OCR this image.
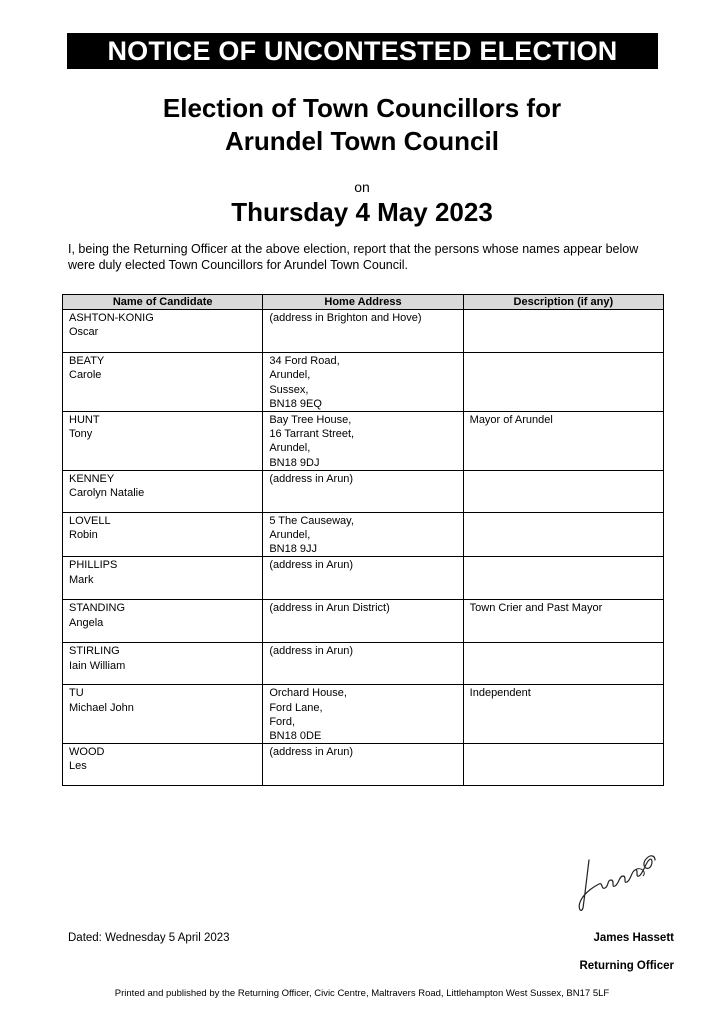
NOTICE OF UNCONTESTED ELECTION
Election of Town Councillors for
Arundel Town Council
on
Thursday 4 May 2023
I, being the Returning Officer at the above election, report that the persons whose names appear below were duly elected Town Councillors for Arundel Town Council.
Name of Candidate	Home Address	Description (if any)

ASHTON-KONIG
Oscar	(address in Brighton and Hove)	

BEATY
Carole	34 Ford Road,
Arundel,
Sussex,
BN18 9EQ	

HUNT
Tony	Bay Tree House,
16 Tarrant Street,
Arundel,
BN18 9DJ	Mayor of Arundel

KENNEY
Carolyn Natalie	(address in Arun)	

LOVELL
Robin	5 The Causeway,
Arundel,
BN18 9JJ	

PHILLIPS
Mark	(address in Arun)	

STANDING
Angela	(address in Arun District)	Town Crier and Past Mayor

STIRLING
Iain William	(address in Arun)	

TU
Michael John	Orchard House,
Ford Lane,
Ford,
BN18 0DE	Independent

WOOD
Les	(address in Arun)	

Dated: Wednesday 5 April 2023	James Hassett
Returning Officer
Printed and published by the Returning Officer, Civic Centre, Maltravers Road, Littlehampton West Sussex, BN17 5LF
